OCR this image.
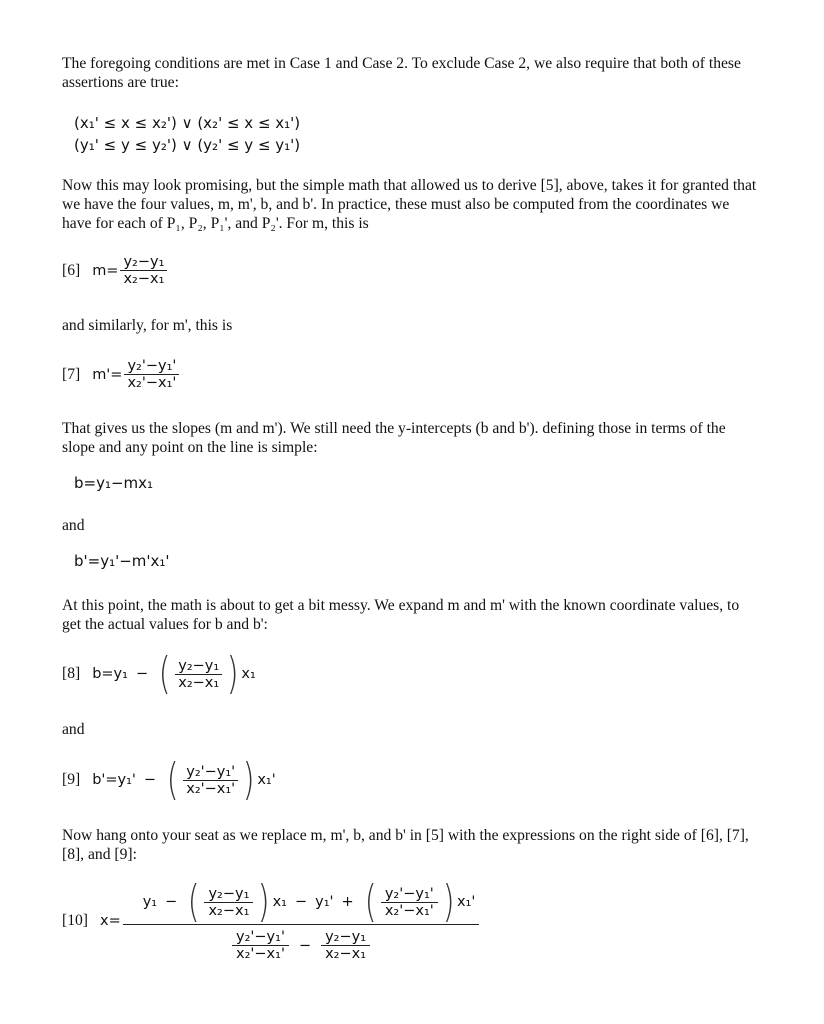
The foregoing conditions are met in Case 1 and Case 2. To exclude Case 2, we also require that both of these assertions are true:

(x₁' ≤ x ≤ x₂') ∨ (x₂' ≤ x ≤ x₁')
(y₁' ≤ y ≤ y₂') ∨ (y₂' ≤ y ≤ y₁')

Now this may look promising, but the simple math that allowed us to derive [5], above, takes it for granted that we have the four values, m, m', b, and b'. In practice, these must also be computed from the coordinates we have for each of P₁, P₂, P₁', and P₂'. For m, this is

[6] $m= \frac{\text{y₂−y₁}}{\text{x₂−x₁}}$

and similarly, for m', this is

[7] $m'= \frac{\text{y₂'−y₁'}}{\text{x₂'−x₁'}}$

That gives us the slopes (m and m'). We still need the y-intercepts (b and b'). defining those in terms of the slope and any point on the line is simple:

b=y₁−mx₁

and

b'=y₁'−m'x₁'

At this point, the math is about to get a bit messy. We expand m and m' with the known coordinate values, to get the actual values for b and b':

[8] b=y₁ − ( $\frac{\text{y₂−y₁}}{\text{x₂−x₁}}$ ) x₁

and

[9] b'=y₁' − ( $\frac{\text{y₂'−y₁'}}{\text{x₂'−x₁'}}$ ) x₁'

Now hang onto your seat as we replace m, m', b, and b' in [5] with the expressions on the right side of [6], [7], [8], and [9]:

[10] x=
y₁ − ( $\frac{\text{y₂−y₁}}{\text{x₂−x₁}}$ ) x₁ − y₁' + ( $\frac{\text{y₂'−y₁'}}{\text{x₂'−x₁'}}$ ) x₁'
$\frac{\text{y₂'−y₁'}}{\text{x₂'−x₁'}} - \frac{\text{y₂−y₁}}{\text{x₂−x₁}}$
